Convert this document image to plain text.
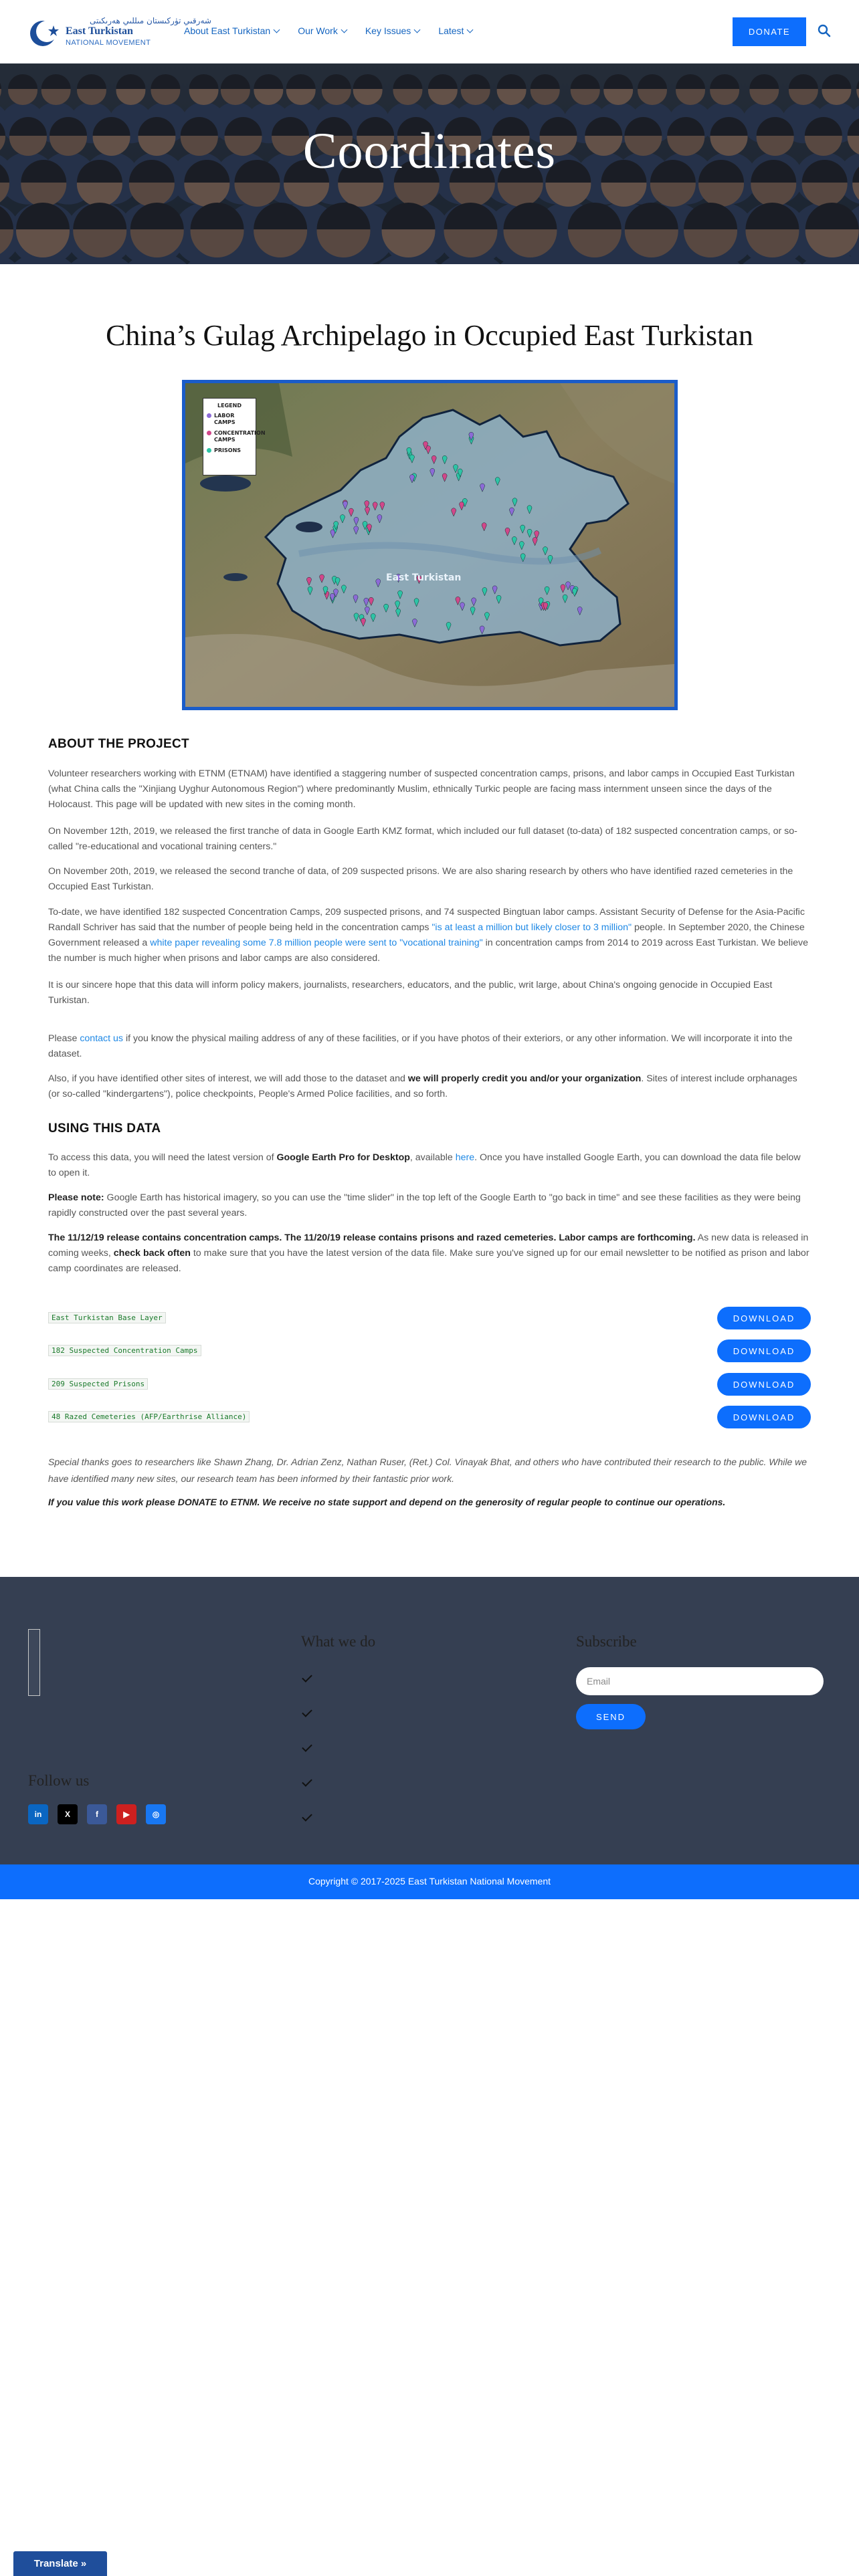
شەرقىي تۈركىستان مىللىي ھەرىكىتى
East Turkistan
NATIONAL MOVEMENT
About East Turkistan	Our Work	Key Issues	Latest	DONATE
Coordinates
China’s Gulag Archipelago in Occupied East Turkistan
East Turkistan
LEGEND
LABOR CAMPS
CONCENTRATION CAMPS
PRISONS
ABOUT THE PROJECT
Volunteer researchers working with ETNM (ETNAM) have identified a staggering number of suspected concentration camps, prisons, and labor camps in Occupied East Turkistan (what China calls the "Xinjiang Uyghur Autonomous Region") where predominantly Muslim, ethnically Turkic people are facing mass internment unseen since the days of the Holocaust. This page will be updated with new sites in the coming month.
On November 12th, 2019, we released the first tranche of data in Google Earth KMZ format, which included our full dataset (to-data) of 182 suspected concentration camps, or so-called "re-educational and vocational training centers."
On November 20th, 2019, we released the second tranche of data, of 209 suspected prisons. We are also sharing research by others who have identified razed cemeteries in the Occupied East Turkistan.
To-date, we have identified 182 suspected Concentration Camps, 209 suspected prisons, and 74 suspected Bingtuan labor camps. Assistant Security of Defense for the Asia-Pacific Randall Schriver has said that the number of people being held in the concentration camps "is at least a million but likely closer to 3 million" people. In September 2020, the Chinese Government released a white paper revealing some 7.8 million people were sent to "vocational training" in concentration camps from 2014 to 2019 across East Turkistan. We believe the number is much higher when prisons and labor camps are also considered.
It is our sincere hope that this data will inform policy makers, journalists, researchers, educators, and the public, writ large, about China's ongoing genocide in Occupied East Turkistan.
Please contact us if you know the physical mailing address of any of these facilities, or if you have photos of their exteriors, or any other information. We will incorporate it into the dataset.
Also, if you have identified other sites of interest, we will add those to the dataset and we will properly credit you and/or your organization. Sites of interest include orphanages (or so-called "kindergartens"), police checkpoints, People's Armed Police facilities, and so forth.
USING THIS DATA
To access this data, you will need the latest version of Google Earth Pro for Desktop, available here. Once you have installed Google Earth, you can download the data file below to open it.
Please note: Google Earth has historical imagery, so you can use the "time slider" in the top left of the Google Earth to "go back in time" and see these facilities as they were being rapidly constructed over the past several years.
The 11/12/19 release contains concentration camps. The 11/20/19 release contains prisons and razed cemeteries. Labor camps are forthcoming. As new data is released in coming weeks, check back often to make sure that you have the latest version of the data file. Make sure you've signed up for our email newsletter to be notified as prison and labor camp coordinates are released.
East Turkistan Base Layer	DOWNLOAD
182 Suspected Concentration Camps	DOWNLOAD
209 Suspected Prisons	DOWNLOAD
48 Razed Cemeteries (AFP/Earthrise Alliance)	DOWNLOAD
Special thanks goes to researchers like Shawn Zhang, Dr. Adrian Zenz, Nathan Ruser, (Ret.) Col. Vinayak Bhat, and others who have contributed their research to the public. While we have identified many new sites, our research team has been informed by their fantastic prior work.
If you value this work please DONATE to ETNM. We receive no state support and depend on the generosity of regular people to continue our operations.
What we do	Subscribe
Email
SEND
Follow us
in	X	f	▶	◎
Copyright © 2017-2025 East Turkistan National Movement
Translate »
